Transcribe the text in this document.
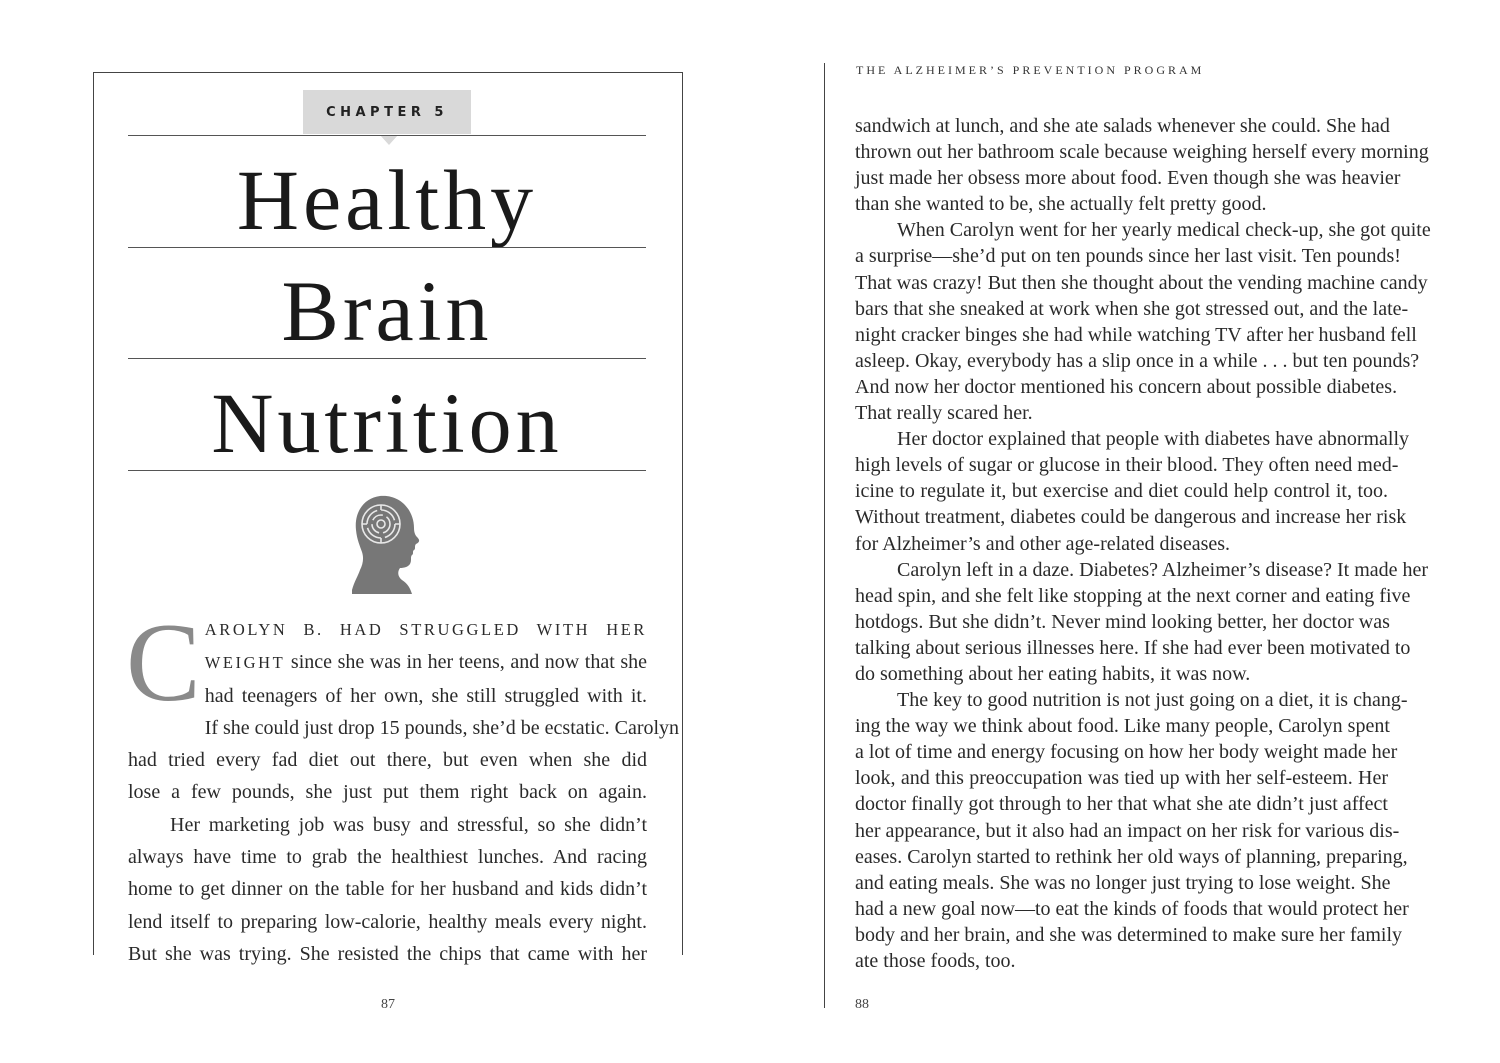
CHAPTER 5
Healthy
Brain
Nutrition
C AROLYN B. HAD STRUGGLED WITH HER
WEIGHT since she was in her teens, and now that she
had teenagers of her own, she still struggled with it.
If she could just drop 15 pounds, she’d be ecstatic. Carolyn
had tried every fad diet out there, but even when she did
lose a few pounds, she just put them right back on again.
Her marketing job was busy and stressful, so she didn’t
always have time to grab the healthiest lunches. And racing
home to get dinner on the table for her husband and kids didn’t
lend itself to preparing low-calorie, healthy meals every night.
But she was trying. She resisted the chips that came with her
87
THE ALZHEIMER’S PREVENTION PROGRAM

sandwich at lunch, and she ate salads whenever she could. She had
thrown out her bathroom scale because weighing herself every morning
just made her obsess more about food. Even though she was heavier
than she wanted to be, she actually felt pretty good.

When Carolyn went for her yearly medical check-up, she got quite
a surprise—she’d put on ten pounds since her last visit. Ten pounds!
That was crazy! But then she thought about the vending machine candy
bars that she sneaked at work when she got stressed out, and the late-
night cracker binges she had while watching TV after her husband fell
asleep. Okay, everybody has a slip once in a while . . . but ten pounds?
And now her doctor mentioned his concern about possible diabetes.
That really scared her.

Her doctor explained that people with diabetes have abnormally
high levels of sugar or glucose in their blood. They often need med-
icine to regulate it, but exercise and diet could help control it, too.
Without treatment, diabetes could be dangerous and increase her risk
for Alzheimer’s and other age-related diseases.

Carolyn left in a daze. Diabetes? Alzheimer’s disease? It made her
head spin, and she felt like stopping at the next corner and eating five
hotdogs. But she didn’t. Never mind looking better, her doctor was
talking about serious illnesses here. If she had ever been motivated to
do something about her eating habits, it was now.

The key to good nutrition is not just going on a diet, it is chang-
ing the way we think about food. Like many people, Carolyn spent
a lot of time and energy focusing on how her body weight made her
look, and this preoccupation was tied up with her self-esteem. Her
doctor finally got through to her that what she ate didn’t just affect
her appearance, but it also had an impact on her risk for various dis-
eases. Carolyn started to rethink her old ways of planning, preparing,
and eating meals. She was no longer just trying to lose weight. She
had a new goal now—to eat the kinds of foods that would protect her
body and her brain, and she was determined to make sure her family
ate those foods, too.

88
